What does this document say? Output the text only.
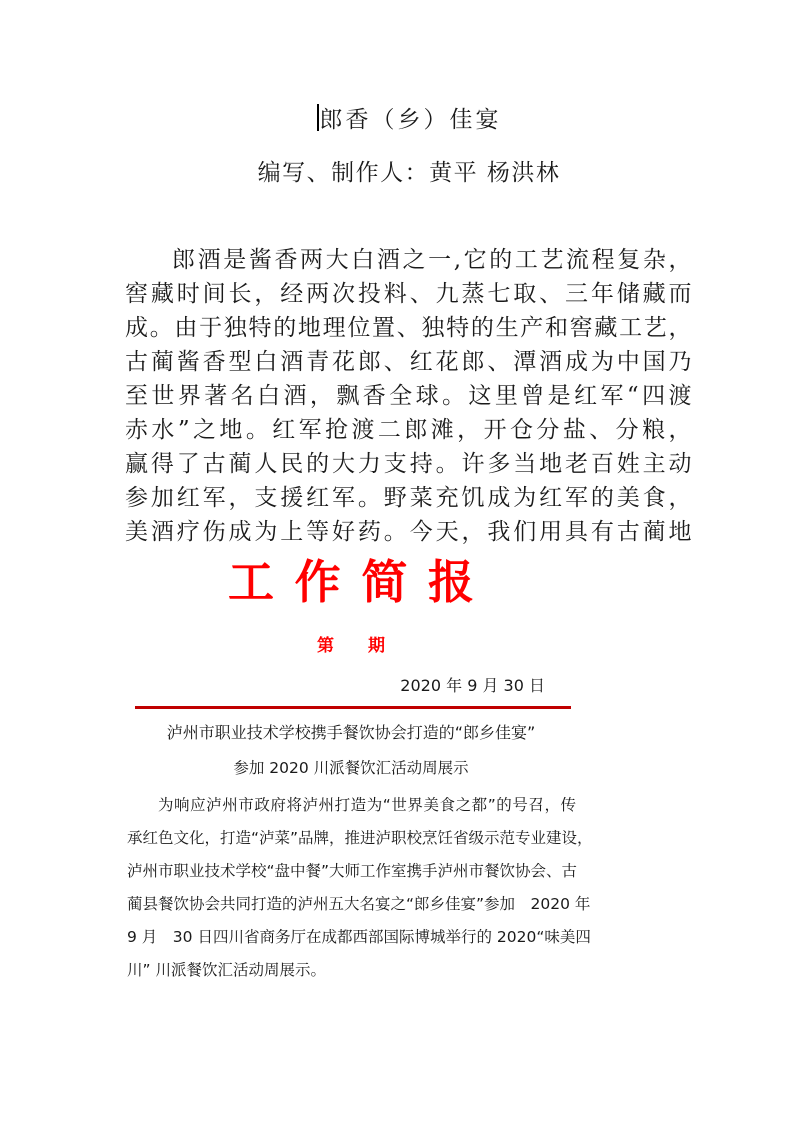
郎香（乡）佳宴
编写、制作人：黄平 杨洪林
郎酒是酱香两大白酒之一,它的工艺流程复杂，
窖藏时间长，经两次投料、九蒸七取、三年储藏而
成。由于独特的地理位置、独特的生产和窖藏工艺，
古蔺酱香型白酒青花郎、红花郎、潭酒成为中国乃
至世界著名白酒，飘香全球。这里曾是红军“四渡
赤水”之地。红军抢渡二郎滩，开仓分盐、分粮，
赢得了古蔺人民的大力支持。许多当地老百姓主动
参加红军，支援红军。野菜充饥成为红军的美食，
美酒疗伤成为上等好药。今天，我们用具有古蔺地
工作简报
第　　期
2020 年 9 月 30 日
泸州市职业技术学校携手餐饮协会打造的“郎乡佳宴”
参加 2020 川派餐饮汇活动周展示
为响应泸州市政府将泸州打造为“世界美食之都”的号召，传
承红色文化，打造“泸菜”品牌，推进泸职校烹饪省级示范专业建设，
泸州市职业技术学校“盘中餐”大师工作室携手泸州市餐饮协会、古
蔺县餐饮协会共同打造的泸州五大名宴之“郎乡佳宴”参加　2020 年
9 月　30 日四川省商务厅在成都西部国际博城举行的 2020“味美四
川” 川派餐饮汇活动周展示。
